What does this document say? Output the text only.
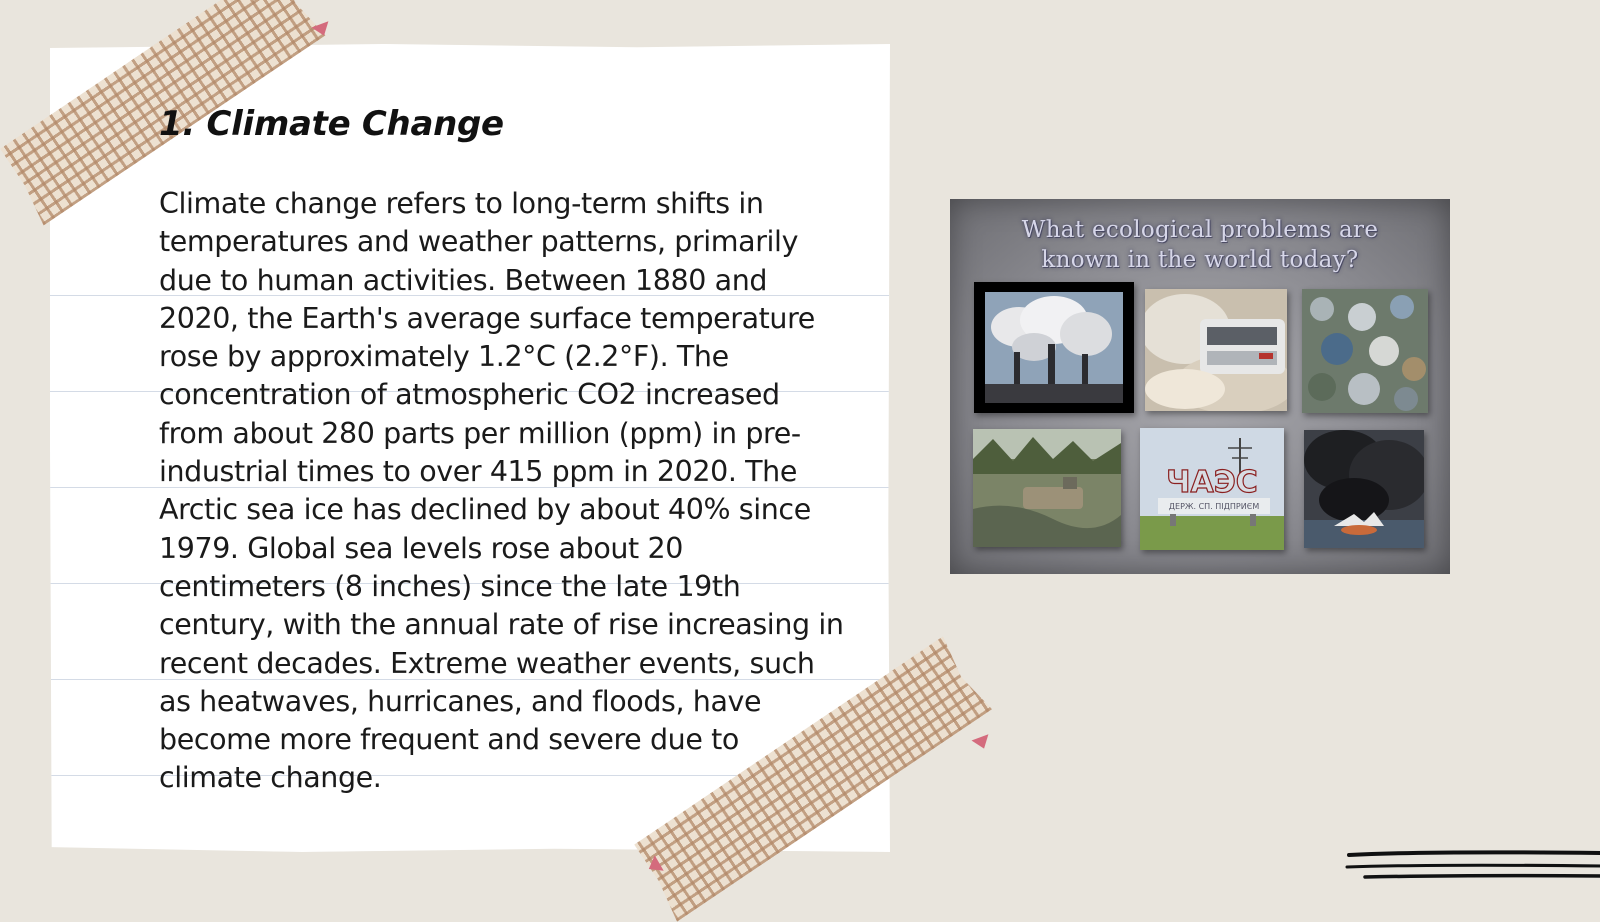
1. Climate Change
Climate change refers to long-term shifts in temperatures and weather patterns, primarily due to human activities. Between 1880 and 2020, the Earth's average surface temperature rose by approximately 1.2°C (2.2°F). The concentration of atmospheric CO2 increased from about 280 parts per million (ppm) in pre-industrial times to over 415 ppm in 2020. The Arctic sea ice has declined by about 40% since 1979. Global sea levels rose about 20 centimeters (8 inches) since the late 19th century, with the annual rate of rise increasing in recent decades. Extreme weather events, such as heatwaves, hurricanes, and floods, have become more frequent and severe due to climate change.
What ecological problems are
known in the world today?
ЧАЭС
ДЕРЖ. СП. ПІДПРИЄМ
